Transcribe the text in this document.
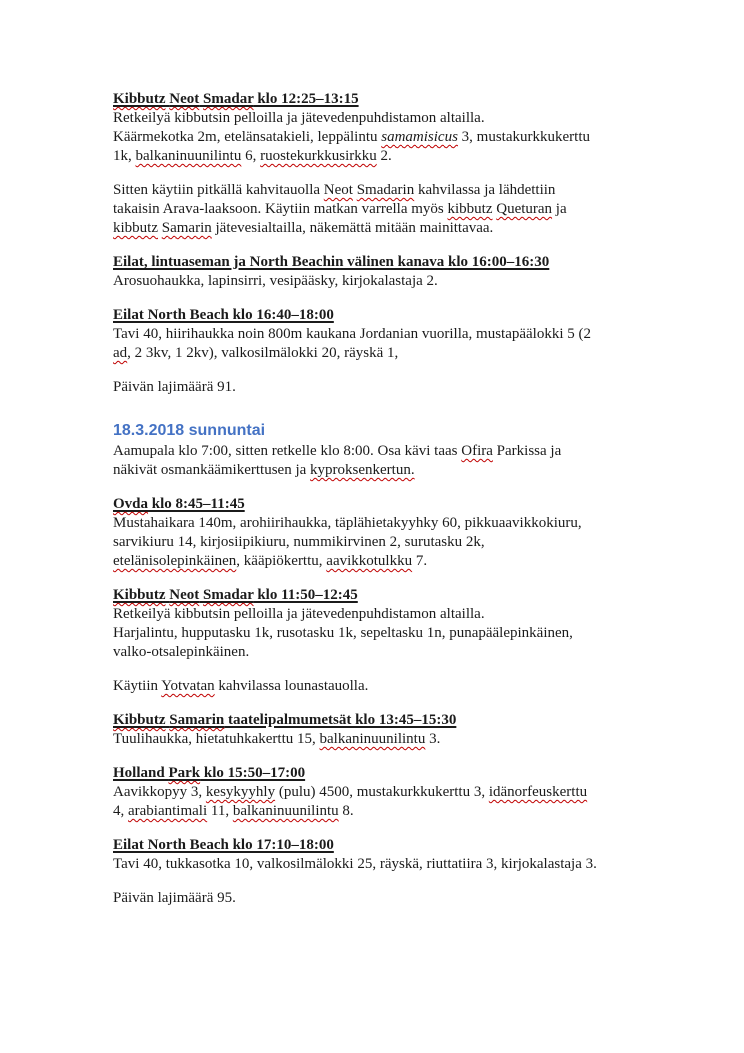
Kibbutz Neot Smadar klo 12:25–13:15

Retkeilyä kibbutsin pelloilla ja jätevedenpuhdistamon altailla.
Käärmekotka 2m, etelänsatakieli, leppälintu samamisicus 3, mustakurkkukerttu
1k, balkaninuunilintu 6, ruostekurkkusirkku 2.

Sitten käytiin pitkällä kahvitauolla Neot Smadarin kahvilassa ja lähdettiin
takaisin Arava-laaksoon. Käytiin matkan varrella myös kibbutz Queturan ja
kibbutz Samarin jätevesialtailla, näkemättä mitään mainittavaa.

Eilat, lintuaseman ja North Beachin välinen kanava klo 16:00–16:30

Arosuohaukka, lapinsirri, vesipääsky, kirjokalastaja 2.

Eilat North Beach klo 16:40–18:00

Tavi 40, hiirihaukka noin 800m kaukana Jordanian vuorilla, mustapäälokki 5 (2
ad, 2 3kv, 1 2kv), valkosilmälokki 20, räyskä 1,

Päivän lajimäärä 91.

18.3.2018 sunnuntai

Aamupala klo 7:00, sitten retkelle klo 8:00. Osa kävi taas Ofira Parkissa ja
näkivät osmankäämikerttusen ja kyproksenkertun.

Ovda klo 8:45–11:45

Mustahaikara 140m, arohiirihaukka, täplähietakyyhky 60, pikkuaavikkokiuru,
sarvikiuru 14, kirjosiipikiuru, nummikirvinen 2, surutasku 2k,
etelänisolepinkäinen, kääpiökerttu, aavikkotulkku 7.

Kibbutz Neot Smadar klo 11:50–12:45

Retkeilyä kibbutsin pelloilla ja jätevedenpuhdistamon altailla.
Harjalintu, hupputasku 1k, rusotasku 1k, sepeltasku 1n, punapäälepinkäinen,
valko-otsalepinkäinen.

Käytiin Yotvatan kahvilassa lounastauolla.

Kibbutz Samarin taatelipalmumetsät klo 13:45–15:30

Tuulihaukka, hietatuhkakerttu 15, balkaninuunilintu 3.

Holland Park klo 15:50–17:00

Aavikkopyy 3, kesykyyhly (pulu) 4500, mustakurkkukerttu 3, idänorfeuskerttu
4, arabiantimali 11, balkaninuunilintu 8.

Eilat North Beach klo 17:10–18:00

Tavi 40, tukkasotka 10, valkosilmälokki 25, räyskä, riuttatiira 3, kirjokalastaja 3.

Päivän lajimäärä 95.
